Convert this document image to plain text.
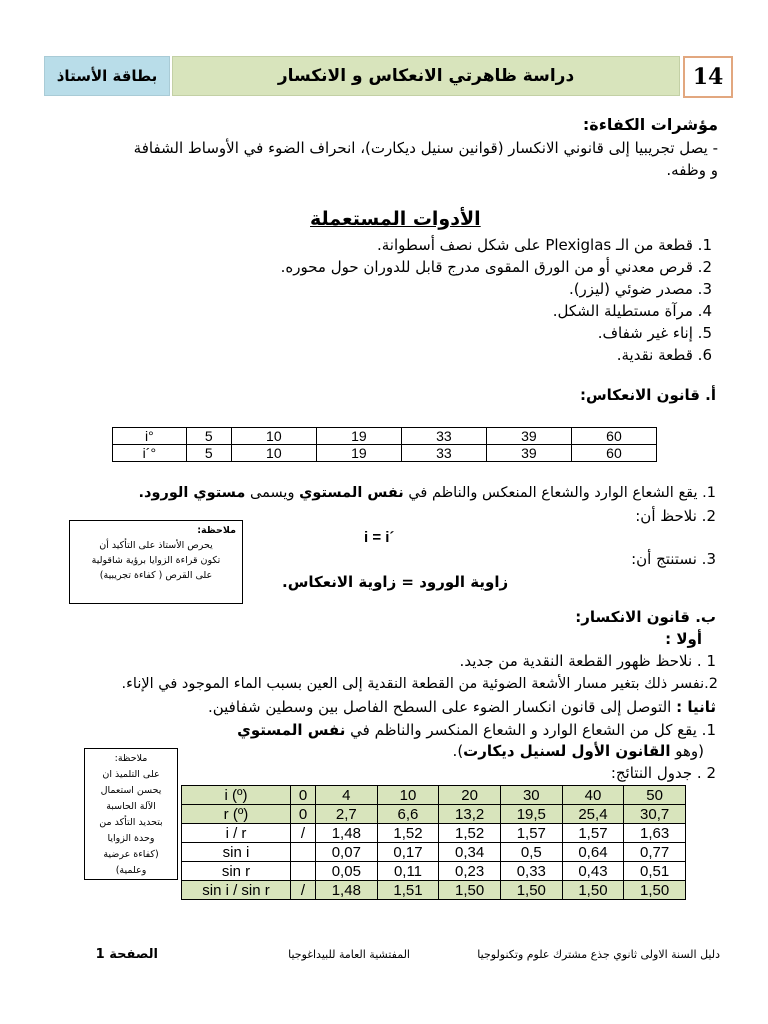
بطاقة الأستاذ	دراسة ظاهرتي الانعكاس و الانكسار	14
مؤشرات الكفاءة:
- يصل تجريبيا إلى قانوني الانكسار (قوانين سنيل ديكارت)، انحراف الضوء في الأوساط الشفافة
و وظفه.
الأدوات المستعملة
1. قطعة من الـ Plexiglas على شكل نصف أسطوانة.
2. قرص معدني أو من الورق المقوى مدرج قابل للدوران حول محوره.
3. مصدر ضوئي (ليزر).
4. مرآة مستطيلة الشكل.
5. إناء غير شفاف.
6. قطعة نقدية.
أ. قانون الانعكاس:
i°	5	10	19	33	39	60
i´°	5	10	19	33	39	60
1. يقع الشعاع الوارد والشعاع المنعكس والناظم في نفس المستوي ويسمى مستوي الورود.
2. نلاحظ أن:
i = i´
3. نستنتج أن:
زاوية الورود = زاوية الانعكاس.
ملاحظة:
يحرص الأستاذ على التأكيد أن
تكون قراءة الزوايا برؤية شاقولية
على القرص ( كفاءة تجريبية)
ب. قانون الانكسار:
أولا :
1 . نلاحظ ظهور القطعة النقدية من جديد.
2.نفسر ذلك بتغير مسار الأشعة الضوئية من القطعة النقدية إلى العين بسبب الماء الموجود في الإناء.
ثانيا : التوصل إلى قانون انكسار الضوء على السطح الفاصل بين وسطين شفافين.
1. يقع كل من الشعاع الوارد و الشعاع المنكسر والناظم في نفس المستوي
(وهو القانون الأول لسنيل ديكارت).
2 . جدول النتائج:
ملاحظة:
على التلميذ ان
يحسن استعمال
الآلة الحاسبة
بتحديد التأكد من
وحدة الزوايا
(كفاءة عرضية
وعلمية)
i (º)	0	4	10	20	30	40	50
r (º)	0	2,7	6,6	13,2	19,5	25,4	30,7
i / r	/	1,48	1,52	1,52	1,57	1,57	1,63
sin i		0,07	0,17	0,34	0,5	0,64	0,77
sin r		0,05	0,11	0,23	0,33	0,43	0,51
sin i / sin r	/	1,48	1,51	1,50	1,50	1,50	1,50
دليل السنة الاولى ثانوي جذع مشترك علوم وتكنولوجيا
المفتشية العامة للبيداغوجيا
الصفحة 1
